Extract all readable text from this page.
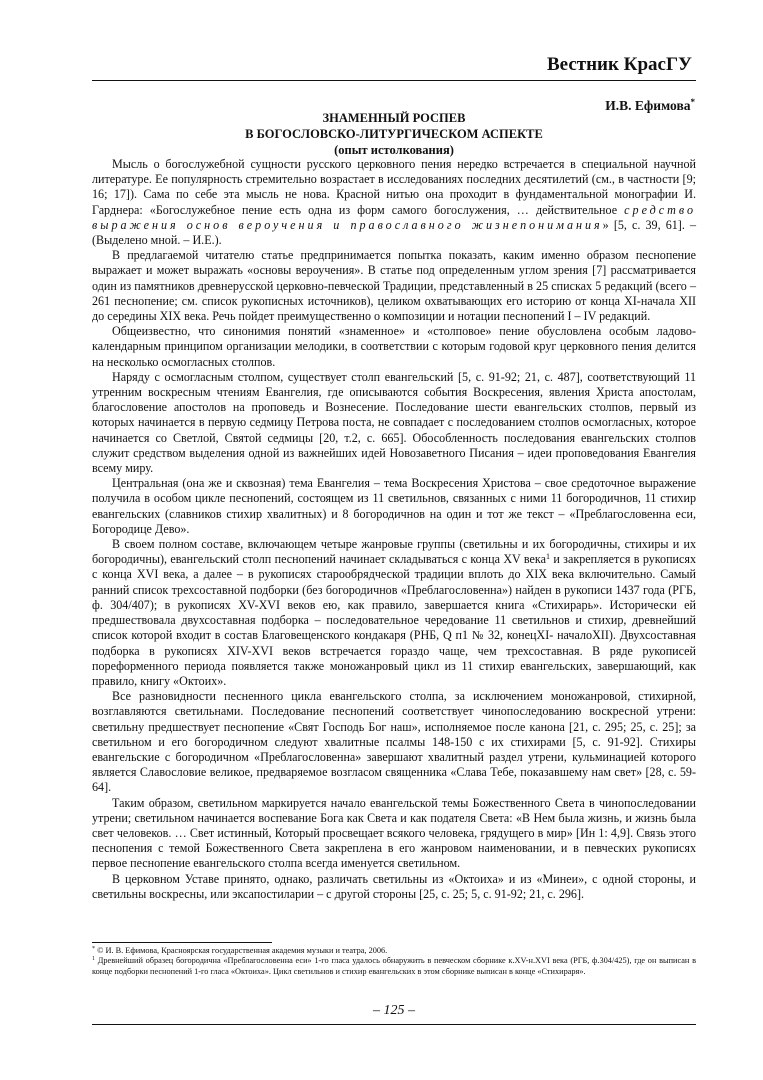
Вестник КрасГУ
И.В. Ефимова*
ЗНАМЕННЫЙ РОСПЕВ
В БОГОСЛОВСКО-ЛИТУРГИЧЕСКОМ АСПЕКТЕ
(опыт истолкования)

Мысль о богослужебной сущности русского церковного пения нередко встречается в специальной научной литературе. Ее популярность стремительно возрастает в исследованиях последних десятилетий (см., в частности [9; 16; 17]). Сама по себе эта мысль не нова. Красной нитью она проходит в фундаментальной монографии И. Гарднера: «Богослужебное пение есть одна из форм самого богослужения, … действительное средство выражения основ вероучения и православного жизнепонимания» [5, с. 39, 61]. – (Выделено мной. – И.Е.).

В предлагаемой читателю статье предпринимается попытка показать, каким именно образом песнопение выражает и может выражать «основы вероучения». В статье под определенным углом зрения [7] рассматривается один из памятников древнерусской церковно-певческой Традиции, представленный в 25 списках 5 редакций (всего – 261 песнопение; см. список рукописных источников), целиком охватывающих его историю от конца XI-начала XII до середины XIX века. Речь пойдет преимущественно о композиции и нотации песнопений I – IV редакций.

Общеизвестно, что синонимия понятий «знаменное» и «столповое» пение обусловлена особым ладово-календарным принципом организации мелодики, в соответствии с которым годовой круг церковного пения делится на несколько осмогласных столпов.

Наряду с осмогласным столпом, существует столп евангельский [5, с. 91-92; 21, с. 487], соответствующий 11 утренним воскресным чтениям Евангелия, где описываются события Воскресения, явления Христа апостолам, благословение апостолов на проповедь и Вознесение. Последование шести евангельских столпов, первый из которых начинается в первую седмицу Петрова поста, не совпадает с последованием столпов осмогласных, которое начинается со Светлой, Святой седмицы [20, т.2, с. 665]. Обособленность последования евангельских столпов служит средством выделения одной из важнейших идей Новозаветного Писания – идеи проповедования Евангелия всему миру.

Центральная (она же и сквозная) тема Евангелия – тема Воскресения Христова – свое средоточное выражение получила в особом цикле песнопений, состоящем из 11 светильнов, связанных с ними 11 богородичнов, 11 стихир евангельских (славников стихир хвалитных) и 8 богородичнов на один и тот же текст – «Преблагословенна еси, Богородице Дево».

В своем полном составе, включающем четыре жанровые группы (светильны и их богородичны, стихиры и их богородичны), евангельский столп песнопений начинает складываться с конца XV века$^1$ и закрепляется в рукописях с конца XVI века, а далее – в рукописях старообрядческой традиции вплоть до XIX века включительно. Самый ранний список трехсоставной подборки (без богородичнов «Преблагословенна») найден в рукописи 1437 года (РГБ, ф. 304/407); в рукописях XV-XVI веков ею, как правило, завершается книга «Стихирарь». Исторически ей предшествовала двухсоставная подборка – последовательное чередование 11 светильнов и стихир, древнейший список которой входит в состав Благовещенского кондакаря (РНБ, Q п1 № 32, конецXI- началоXII). Двухсоставная подборка в рукописях XIV-XVI веков встречается гораздо чаще, чем трехсоставная. В ряде рукописей пореформенного периода появляется также моножанровый цикл из 11 стихир евангельских, завершающий, как правило, книгу «Октоих».

Все разновидности песненного цикла евангельского столпа, за исключением моножанровой, стихирной, возглавляются светильнами. Последование песнопений соответствует чинопоследованию воскресной утрени: светильну предшествует песнопение «Свят Господь Бог наш», исполняемое после канона [21, с. 295; 25, с. 25]; за светильном и его богородичном следуют хвалитные псалмы 148-150 с их стихирами [5, с. 91-92]. Стихиры евангельские с богородичном «Преблагословенна» завершают хвалитный раздел утрени, кульминацией которого является Славословие великое, предваряемое возгласом священника «Слава Тебе, показавшему нам свет» [28, с. 59-64].

Таким образом, светильном маркируется начало евангельской темы Божественного Света в чинопоследовании утрени; светильном начинается воспевание Бога как Света и как подателя Света: «В Нем была жизнь, и жизнь была свет человеков. … Свет истинный, Который просвещает всякого человека, грядущего в мир» [Ин 1: 4,9]. Связь этого песнопения с темой Божественного Света закреплена в его жанровом наименовании, и в певческих рукописях первое песнопение евангельского столпа всегда именуется светильном.

В церковном Уставе принято, однако, различать светильны из «Октоиха» и из «Минеи», с одной стороны, и светильны воскресны, или эксапостиларии – с другой стороны [25, с. 25; 5, с. 91-92; 21, с. 296].

* © И. В. Ефимова, Красноярская государственная академия музыки и театра, 2006.

$^1$ Древнейший образец богородична «Преблагословенна еси» 1-го гласа удалось обнаружить в певческом сборнике к.XV-н.XVI века (РГБ, ф.304/425), где он выписан в конце подборки песнопений 1-го гласа «Октоиха». Цикл светильнов и стихир евангельских в этом сборнике выписан в конце «Стихираря».

– 125 –
